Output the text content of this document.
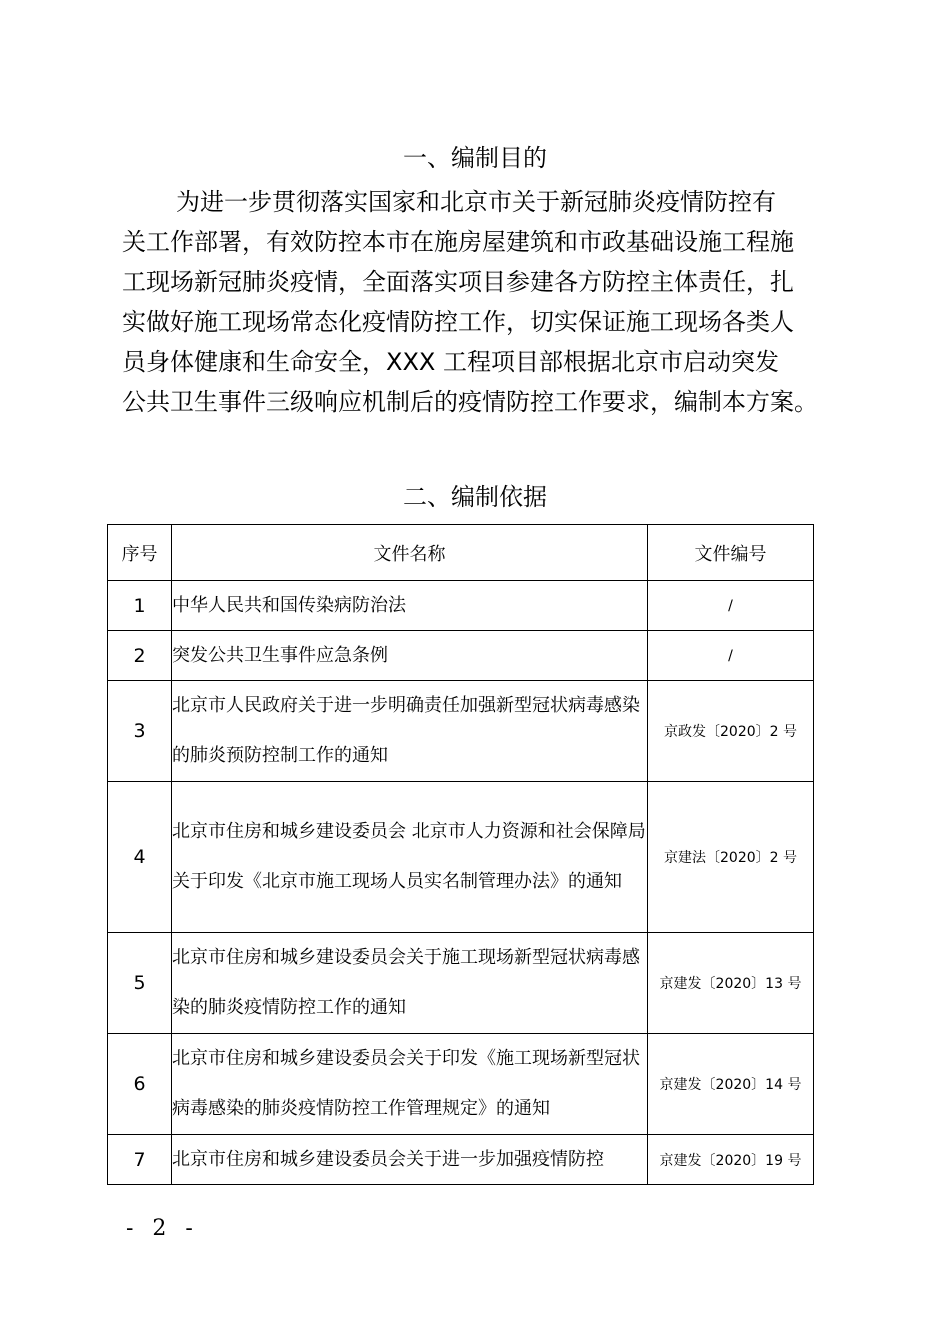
一、编制目的
为进一步贯彻落实国家和北京市关于新冠肺炎疫情防控有
关工作部署，有效防控本市在施房屋建筑和市政基础设施工程施
工现场新冠肺炎疫情，全面落实项目参建各方防控主体责任，扎
实做好施工现场常态化疫情防控工作，切实保证施工现场各类人
员身体健康和生命安全，XXX 工程项目部根据北京市启动突发
公共卫生事件三级响应机制后的疫情防控工作要求，编制本方案。
二、编制依据
序号	文件名称	文件编号
1	中华人民共和国传染病防治法	/
2	突发公共卫生事件应急条例	/
3	北京市人民政府关于进一步明确责任加强新型冠状病毒感染的肺炎预防控制工作的通知	京政发〔2020〕2 号
4	北京市住房和城乡建设委员会 北京市人力资源和社会保障局关于印发《北京市施工现场人员实名制管理办法》的通知	京建法〔2020〕2 号
5	北京市住房和城乡建设委员会关于施工现场新型冠状病毒感染的肺炎疫情防控工作的通知	京建发〔2020〕13 号
6	北京市住房和城乡建设委员会关于印发《施工现场新型冠状病毒感染的肺炎疫情防控工作管理规定》的通知	京建发〔2020〕14 号
7	北京市住房和城乡建设委员会关于进一步加强疫情防控	京建发〔2020〕19 号
- 2 -
